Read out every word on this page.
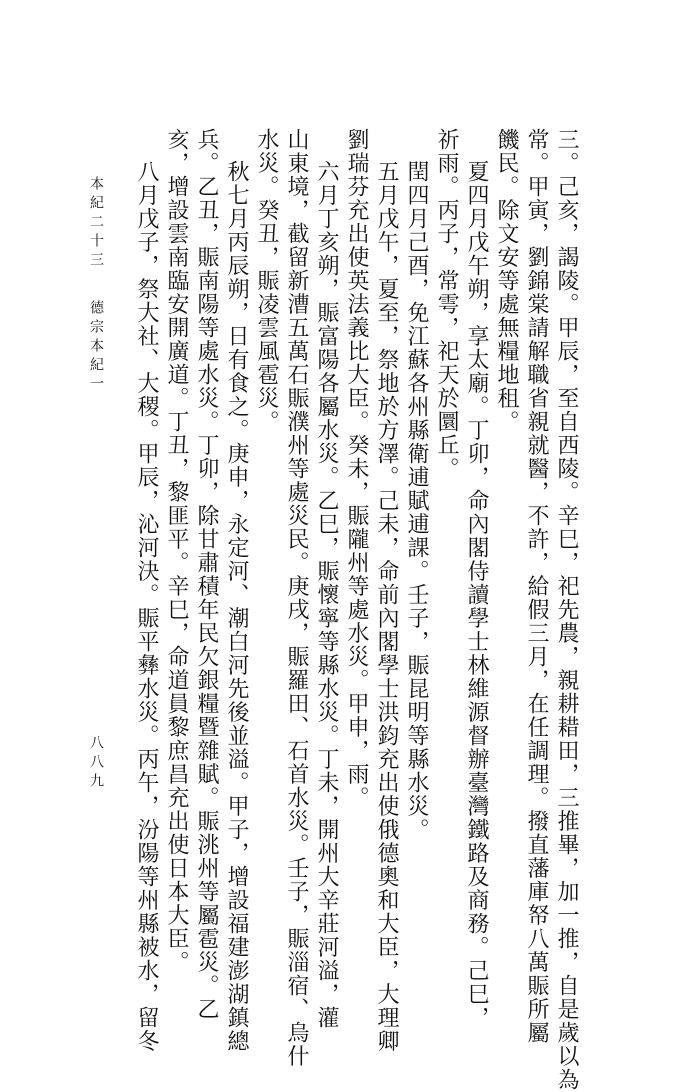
本紀二十三
德宗本紀一
八八九	三。己亥，謁陵。甲辰，至自西陵。辛巳，祀先農，親耕耤田，三推畢，加一推，自是歲以為
常。甲寅，劉錦棠請解職省親就醫，不許，給假三月，在任調理。撥直藩庫帑八萬賑所屬
饑民。除文安等處無糧地租。
夏四月戊午朔，享太廟。丁卯，命內閣侍讀學士林維源督辦臺灣鐵路及商務。己巳，
祈雨。丙子，常雩，祀天於圜丘。
閏四月己酉，免江蘇各州縣衛逋賦逋課。壬子，賑昆明等縣水災。
五月戊午，夏至，祭地於方澤。己未，命前內閣學士洪鈞充出使俄德奧和大臣，大理卿
劉瑞芬充出使英法義比大臣。癸未，賑隴州等處水災。甲申，雨。
六月丁亥朔，賑富陽各屬水災。乙巳，賑懷寧等縣水災。丁未，開州大辛莊河溢，灌
山東境，截留新漕五萬石賑濮州等處災民。庚戌，賑羅田、石首水災。壬子，賑淄宿、烏什
水災。癸丑，賑凌雲風雹災。
秋七月丙辰朔，日有食之。庚申，永定河、潮白河先後並溢。甲子，增設福建澎湖鎮總
兵。乙丑，賑南陽等處水災。丁卯，除甘肅積年民欠銀糧暨雜賦。賑洮州等屬雹災。乙
亥，增設雲南臨安開廣道。丁丑，黎匪平。辛巳，命道員黎庶昌充出使日本大臣。
八月戊子，祭大社、大稷。甲辰，沁河決。賑平彝水災。丙午，汾陽等州縣被水，留冬
